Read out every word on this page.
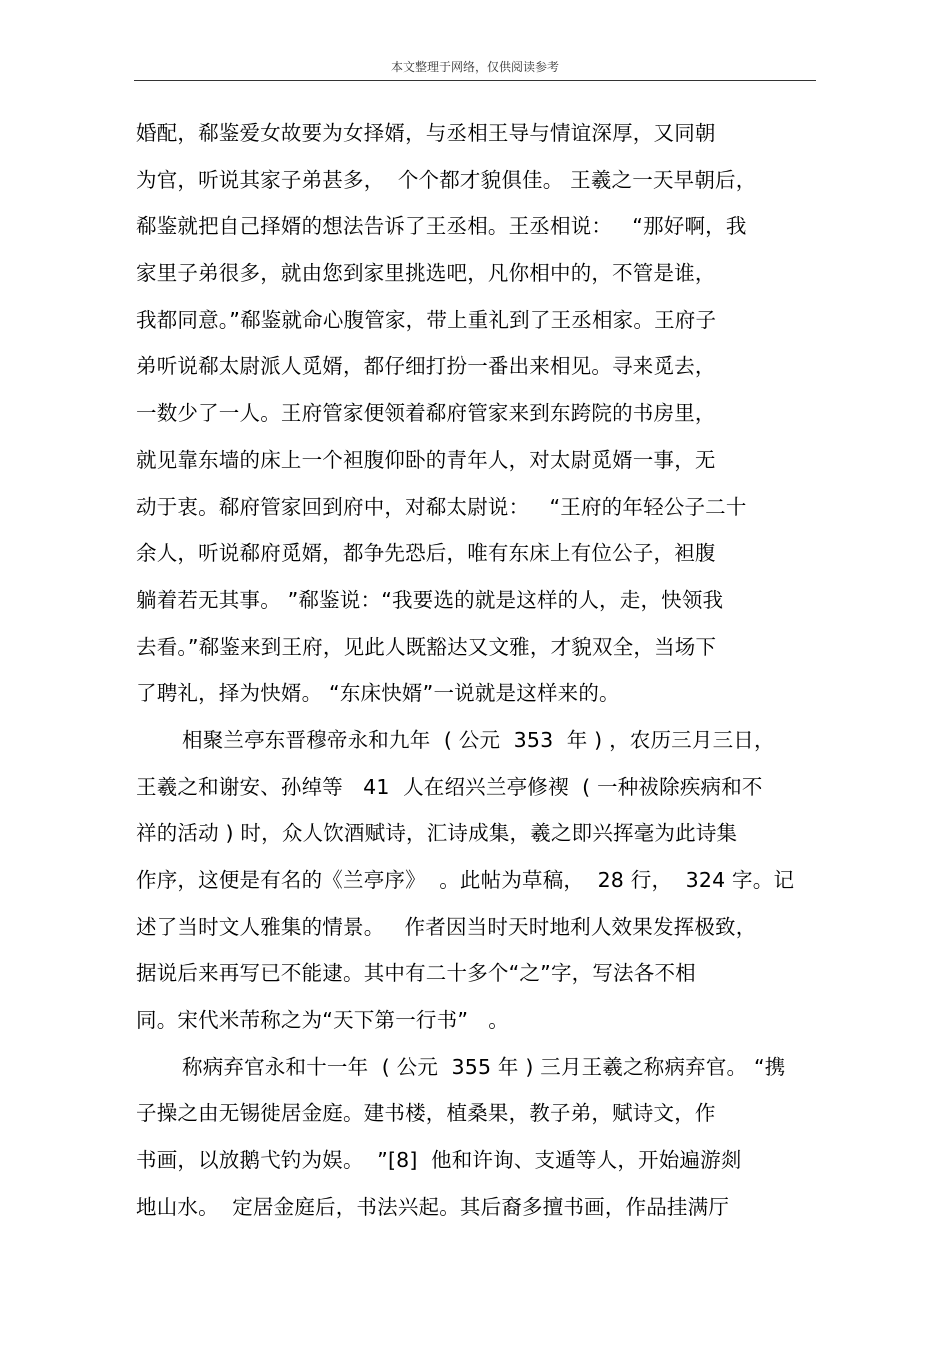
本文整理于网络，仅供阅读参考
婚配，郗鉴爱女故要为女择婿，与丞相王导与情谊深厚，又同朝
为官，听说其家子弟甚多，  个个都才貌俱佳。 王羲之一天早朝后，
郗鉴就把自己择婿的想法告诉了王丞相。王丞相说：   “那好啊，我
家里子弟很多，就由您到家里挑选吧，凡你相中的，不管是谁，
我都同意。”郗鉴就命心腹管家，带上重礼到了王丞相家。王府子
弟听说郗太尉派人觅婿，都仔细打扮一番出来相见。寻来觅去，
一数少了一人。王府管家便领着郗府管家来到东跨院的书房里，
就见靠东墙的床上一个袒腹仰卧的青年人，对太尉觅婿一事，无
动于衷。郗府管家回到府中，对郗太尉说：   “王府的年轻公子二十
余人，听说郗府觅婿，都争先恐后，唯有东床上有位公子，袒腹
躺着若无其事。 ”郗鉴说：“我要选的就是这样的人，走，快领我
去看。”郗鉴来到王府，见此人既豁达又文雅，才貌双全，当场下
了聘礼，择为快婿。 “东床快婿”一说就是这样来的。
相聚兰亭东晋穆帝永和九年  ( 公元  353  年 ) ，农历三月三日，
王羲之和谢安、孙绰等   41  人在绍兴兰亭修禊  ( 一种祓除疾病和不
祥的活动 ) 时，众人饮酒赋诗，汇诗成集，羲之即兴挥毫为此诗集
作序，这便是有名的《兰亭序》  。此帖为草稿，  28 行，  324 字。记
述了当时文人雅集的情景。   作者因当时天时地利人效果发挥极致，
据说后来再写已不能逮。其中有二十多个“之”字，写法各不相
同。宋代米芾称之为“天下第一行书”   。
称病弃官永和十一年  ( 公元  355 年 ) 三月王羲之称病弃官。 “携
子操之由无锡徙居金庭。建书楼，植桑果，教子弟，赋诗文，作
书画，以放鹅弋钓为娱。  ”[8]  他和许询、支遁等人，开始遍游剡
地山水。  定居金庭后，书法兴起。其后裔多擅书画，作品挂满厅
